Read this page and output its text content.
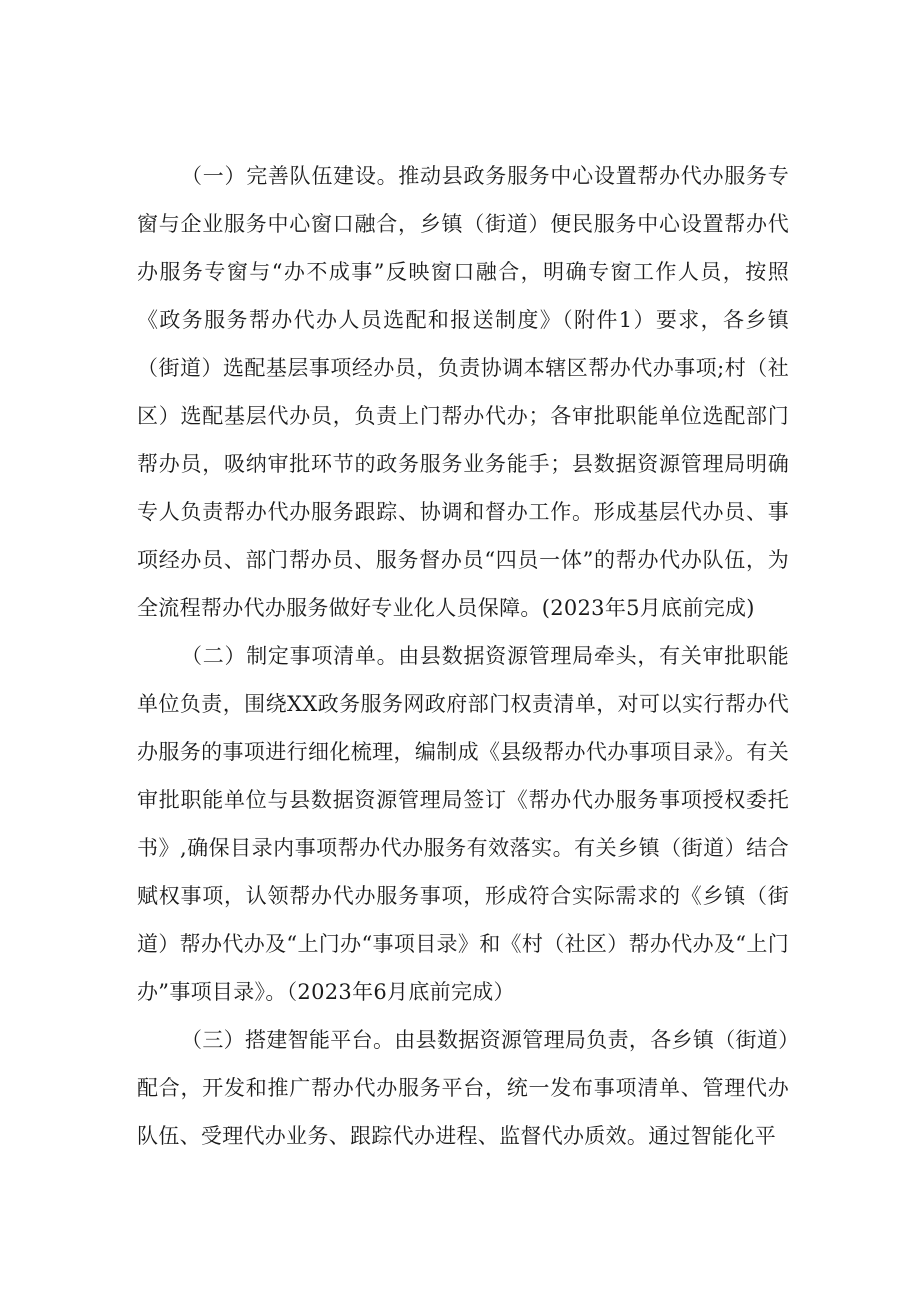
（一）完善队伍建设。推动县政务服务中心设置帮办代办服务专窗与企业服务中心窗口融合，乡镇（街道）便民服务中心设置帮办代办服务专窗与“办不成事”反映窗口融合，明确专窗工作人员，按照《政务服务帮办代办人员选配和报送制度》（附件1）要求，各乡镇（街道）选配基层事项经办员，负责协调本辖区帮办代办事项;村（社区）选配基层代办员，负责上门帮办代办；各审批职能单位选配部门帮办员，吸纳审批环节的政务服务业务能手；县数据资源管理局明确专人负责帮办代办服务跟踪、协调和督办工作。形成基层代办员、事项经办员、部门帮办员、服务督办员“四员一体”的帮办代办队伍，为全流程帮办代办服务做好专业化人员保障。(2023年5月底前完成)

（二）制定事项清单。由县数据资源管理局牵头，有关审批职能单位负责，围绕XX政务服务网政府部门权责清单，对可以实行帮办代办服务的事项进行细化梳理，编制成《县级帮办代办事项目录》。有关审批职能单位与县数据资源管理局签订《帮办代办服务事项授权委托书》,确保目录内事项帮办代办服务有效落实。有关乡镇（街道）结合赋权事项，认领帮办代办服务事项，形成符合实际需求的《乡镇（街道）帮办代办及“上门办“事项目录》和《村（社区）帮办代办及“上门办”事项目录》。（2023年6月底前完成）

（三）搭建智能平台。由县数据资源管理局负责，各乡镇（街道）配合，开发和推广帮办代办服务平台，统一发布事项清单、管理代办队伍、受理代办业务、跟踪代办进程、监督代办质效。通过智能化平
